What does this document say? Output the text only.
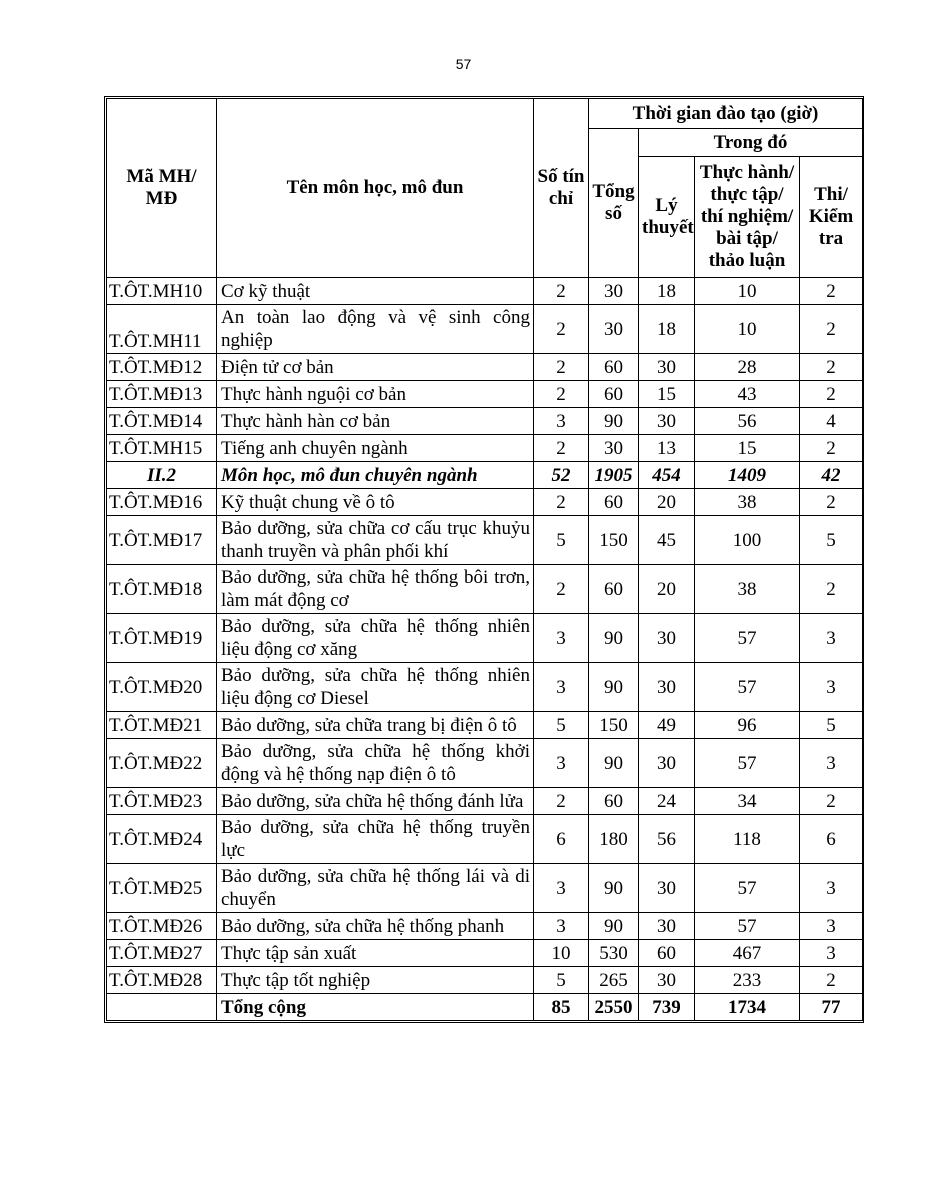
57
Mã MH/ MĐ	Tên môn học, mô đun	Số tín chỉ	Thời gian đào tạo (giờ)			
			Tổng số	Trong đó		
				Lý thuyết	Thực hành/ thực tập/ thí nghiệm/ bài tập/ thảo luận	Thi/ Kiểm tra
T.ÔT.MH10	Cơ kỹ thuật	2	30	18	10	2
T.ÔT.MH11	An toàn lao động và vệ sinh công nghiệp	2	30	18	10	2
T.ÔT.MĐ12	Điện tử cơ bản	2	60	30	28	2
T.ÔT.MĐ13	Thực hành nguội cơ bản	2	60	15	43	2
T.ÔT.MĐ14	Thực hành hàn cơ bản	3	90	30	56	4
T.ÔT.MH15	Tiếng anh chuyên ngành	2	30	13	15	2
II.2	Môn học, mô đun chuyên ngành	52	1905	454	1409	42
T.ÔT.MĐ16	Kỹ thuật chung về ô tô	2	60	20	38	2
T.ÔT.MĐ17	Bảo dưỡng, sửa chữa cơ cấu trục khuỷu thanh truyền và phân phối khí	5	150	45	100	5
T.ÔT.MĐ18	Bảo dưỡng, sửa chữa hệ thống bôi trơn, làm mát động cơ	2	60	20	38	2
T.ÔT.MĐ19	Bảo dưỡng, sửa chữa hệ thống nhiên liệu động cơ xăng	3	90	30	57	3
T.ÔT.MĐ20	Bảo dưỡng, sửa chữa hệ thống nhiên liệu động cơ Diesel	3	90	30	57	3
T.ÔT.MĐ21	Bảo dưỡng, sửa chữa trang bị điện ô tô	5	150	49	96	5
T.ÔT.MĐ22	Bảo dưỡng, sửa chữa hệ thống khởi động và hệ thống nạp điện ô tô	3	90	30	57	3
T.ÔT.MĐ23	Bảo dưỡng, sửa chữa hệ thống đánh lửa	2	60	24	34	2
T.ÔT.MĐ24	Bảo dưỡng, sửa chữa hệ thống truyền lực	6	180	56	118	6
T.ÔT.MĐ25	Bảo dưỡng, sửa chữa hệ thống lái và di chuyển	3	90	30	57	3
T.ÔT.MĐ26	Bảo dưỡng, sửa chữa hệ thống phanh	3	90	30	57	3
T.ÔT.MĐ27	Thực tập sản xuất	10	530	60	467	3
T.ÔT.MĐ28	Thực tập tốt nghiệp	5	265	30	233	2
	Tổng cộng	85	2550	739	1734	77
